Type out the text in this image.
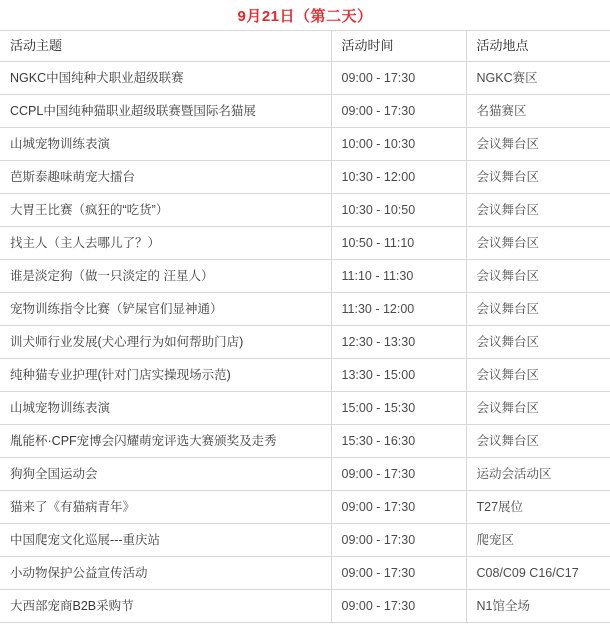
9月21日（第二天）
活动主题	活动时间	活动地点
NGKC中国纯种犬职业超级联赛	09:00 - 17:30	NGKC赛区
CCPL中国纯种猫职业超级联赛暨国际名猫展	09:00 - 17:30	名猫赛区
山城宠物训练表演	10:00 - 10:30	会议舞台区
芭斯泰趣味萌宠大擂台	10:30 - 12:00	会议舞台区
大胃王比赛（疯狂的“吃货”）	10:30 - 10:50	会议舞台区
找主人（主人去哪儿了？）	10:50 - 11:10	会议舞台区
谁是淡定狗（做一只淡定的 汪星人）	11:10 - 11:30	会议舞台区
宠物训练指令比赛（铲屎官们显神通）	11:30 - 12:00	会议舞台区
训犬师行业发展(犬心理行为如何帮助门店)	12:30 - 13:30	会议舞台区
纯种猫专业护理(针对门店实操现场示范)	13:30 - 15:00	会议舞台区
山城宠物训练表演	15:00 - 15:30	会议舞台区
胤能杯·CPF宠博会闪耀萌宠评选大赛颁奖及走秀	15:30 - 16:30	会议舞台区
狗狗全国运动会	09:00 - 17:30	运动会活动区
猫来了《有猫病青年》	09:00 - 17:30	T27展位
中国爬宠文化巡展---重庆站	09:00 - 17:30	爬宠区
小动物保护公益宣传活动	09:00 - 17:30	C08/C09 C16/C17
大西部宠商B2B采购节	09:00 - 17:30	N1馆全场
